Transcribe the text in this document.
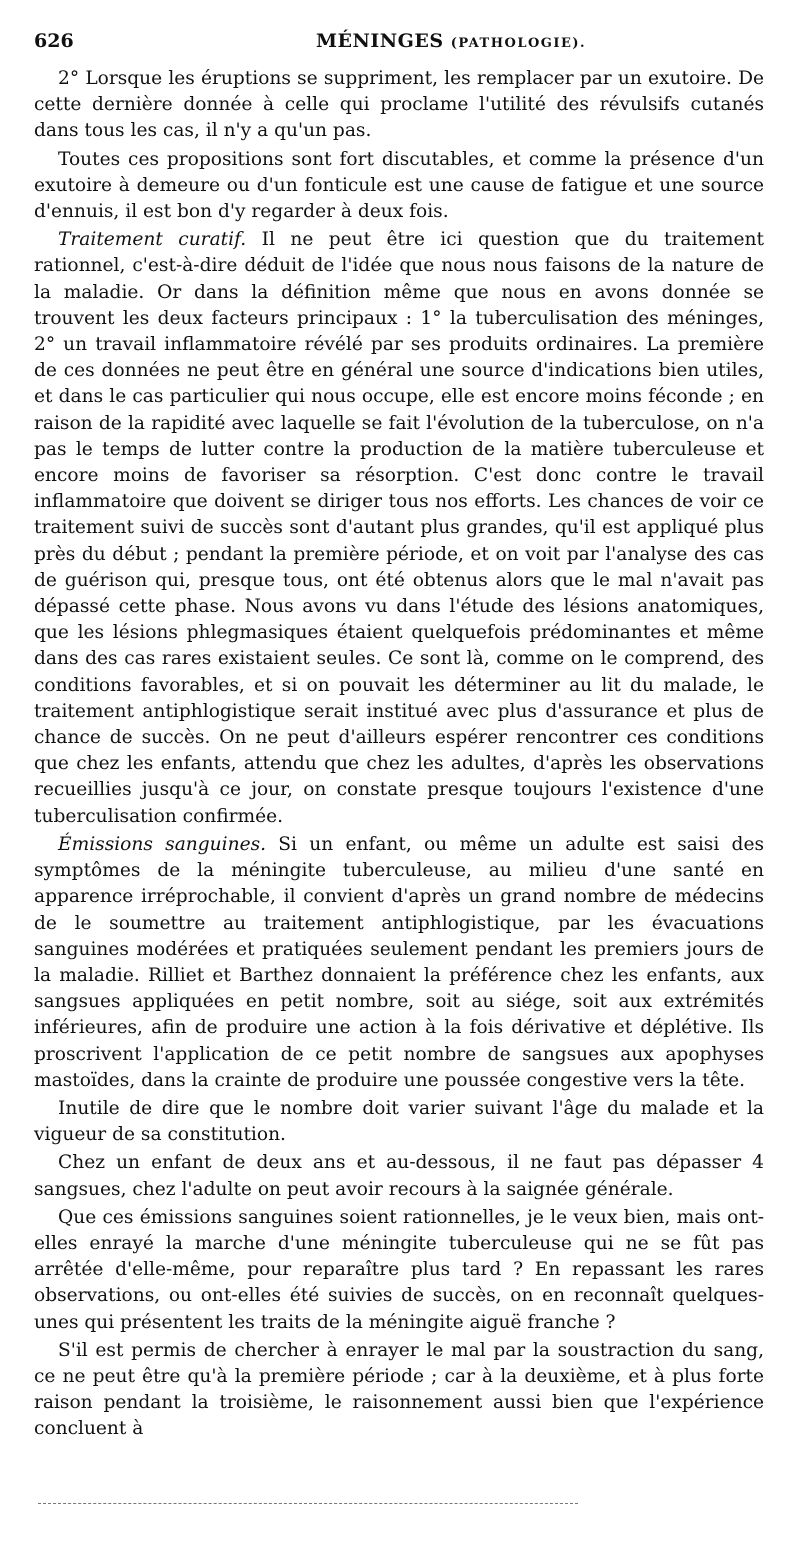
626	MÉNINGES (PATHOLOGIE).

2° Lorsque les éruptions se suppriment, les remplacer par un exutoire. De cette dernière donnée à celle qui proclame l'utilité des révulsifs cutanés dans tous les cas, il n'y a qu'un pas.

Toutes ces propositions sont fort discutables, et comme la présence d'un exutoire à demeure ou d'un fonticule est une cause de fatigue et une source d'ennuis, il est bon d'y regarder à deux fois.

Traitement curatif. Il ne peut être ici question que du traitement rationnel, c'est-à-dire déduit de l'idée que nous nous faisons de la nature de la maladie. Or dans la définition même que nous en avons donnée se trouvent les deux facteurs principaux : 1° la tuberculisation des méninges, 2° un travail inflammatoire révélé par ses produits ordinaires. La première de ces données ne peut être en général une source d'indications bien utiles, et dans le cas particulier qui nous occupe, elle est encore moins féconde ; en raison de la rapidité avec laquelle se fait l'évolution de la tuberculose, on n'a pas le temps de lutter contre la production de la matière tuberculeuse et encore moins de favoriser sa résorption. C'est donc contre le travail inflammatoire que doivent se diriger tous nos efforts. Les chances de voir ce traitement suivi de succès sont d'autant plus grandes, qu'il est appliqué plus près du début ; pendant la première période, et on voit par l'analyse des cas de guérison qui, presque tous, ont été obtenus alors que le mal n'avait pas dépassé cette phase. Nous avons vu dans l'étude des lésions anatomiques, que les lésions phlegmasiques étaient quelquefois prédominantes et même dans des cas rares existaient seules. Ce sont là, comme on le comprend, des conditions favorables, et si on pouvait les déterminer au lit du malade, le traitement antiphlogistique serait institué avec plus d'assurance et plus de chance de succès. On ne peut d'ailleurs espérer rencontrer ces conditions que chez les enfants, attendu que chez les adultes, d'après les observations recueillies jusqu'à ce jour, on constate presque toujours l'existence d'une tuberculisation confirmée.

Émissions sanguines. Si un enfant, ou même un adulte est saisi des symptômes de la méningite tuberculeuse, au milieu d'une santé en apparence irréprochable, il convient d'après un grand nombre de médecins de le soumettre au traitement antiphlogistique, par les évacuations sanguines modérées et pratiquées seulement pendant les premiers jours de la maladie. Rilliet et Barthez donnaient la préférence chez les enfants, aux sangsues appliquées en petit nombre, soit au siége, soit aux extrémités inférieures, afin de produire une action à la fois dérivative et déplétive. Ils proscrivent l'application de ce petit nombre de sangsues aux apophyses mastoïdes, dans la crainte de produire une poussée congestive vers la tête.

Inutile de dire que le nombre doit varier suivant l'âge du malade et la vigueur de sa constitution.

Chez un enfant de deux ans et au-dessous, il ne faut pas dépasser 4 sangsues, chez l'adulte on peut avoir recours à la saignée générale.

Que ces émissions sanguines soient rationnelles, je le veux bien, mais ont-elles enrayé la marche d'une méningite tuberculeuse qui ne se fût pas arrêtée d'elle-même, pour reparaître plus tard ? En repassant les rares observations, ou ont-elles été suivies de succès, on en reconnaît quelques-unes qui présentent les traits de la méningite aiguë franche ?

S'il est permis de chercher à enrayer le mal par la soustraction du sang, ce ne peut être qu'à la première période ; car à la deuxième, et à plus forte raison pendant la troisième, le raisonnement aussi bien que l'expérience concluent à
